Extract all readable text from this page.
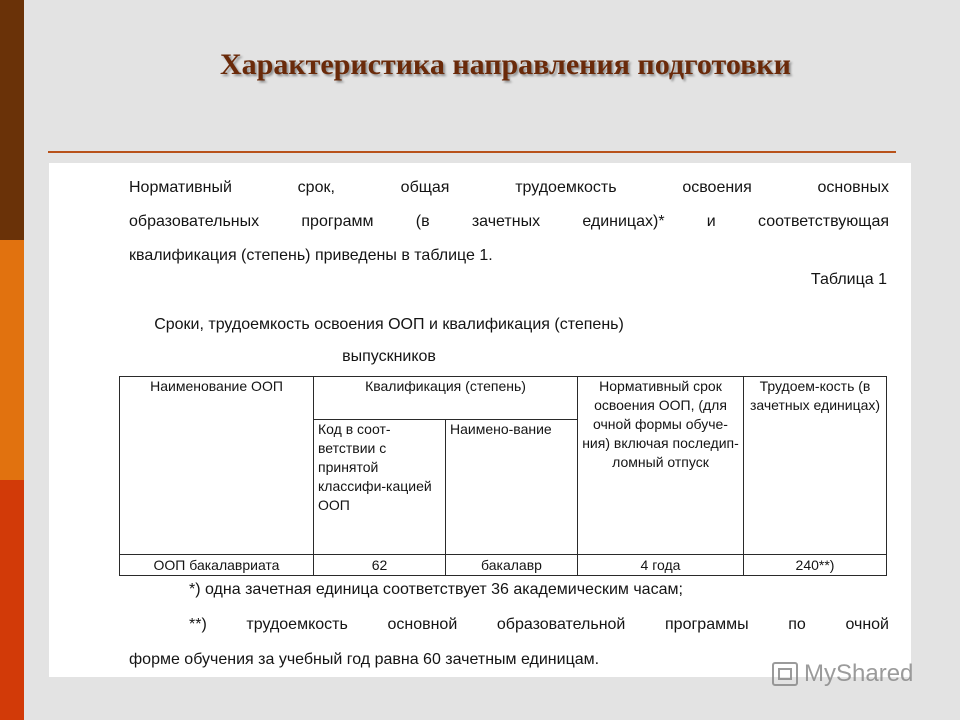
Характеристика направления подготовки
Нормативный срок, общая трудоемкость освоения основных
образовательных программ (в зачетных единицах)* и соответствующая
квалификация (степень) приведены в таблице 1.
Таблица 1
Сроки, трудоемкость освоения ООП и квалификация (степень)
выпускников
Наименование ООП	Квалификация (степень)		Нормативный срок освоения ООП, (для очной формы обуче-ния) включая последип-ломный отпуск	Трудоем-кость (в зачетных единицах)
	Код в соот-ветствии с принятой классифи-кацией ООП	Наимено-вание		
ООП бакалавриата	62	бакалавр	4 года	240**)
*) одна зачетная единица соответствует 36 академическим часам;
**) трудоемкость основной образовательной программы по очной
форме обучения за учебный год равна 60 зачетным единицам.
MyShared
